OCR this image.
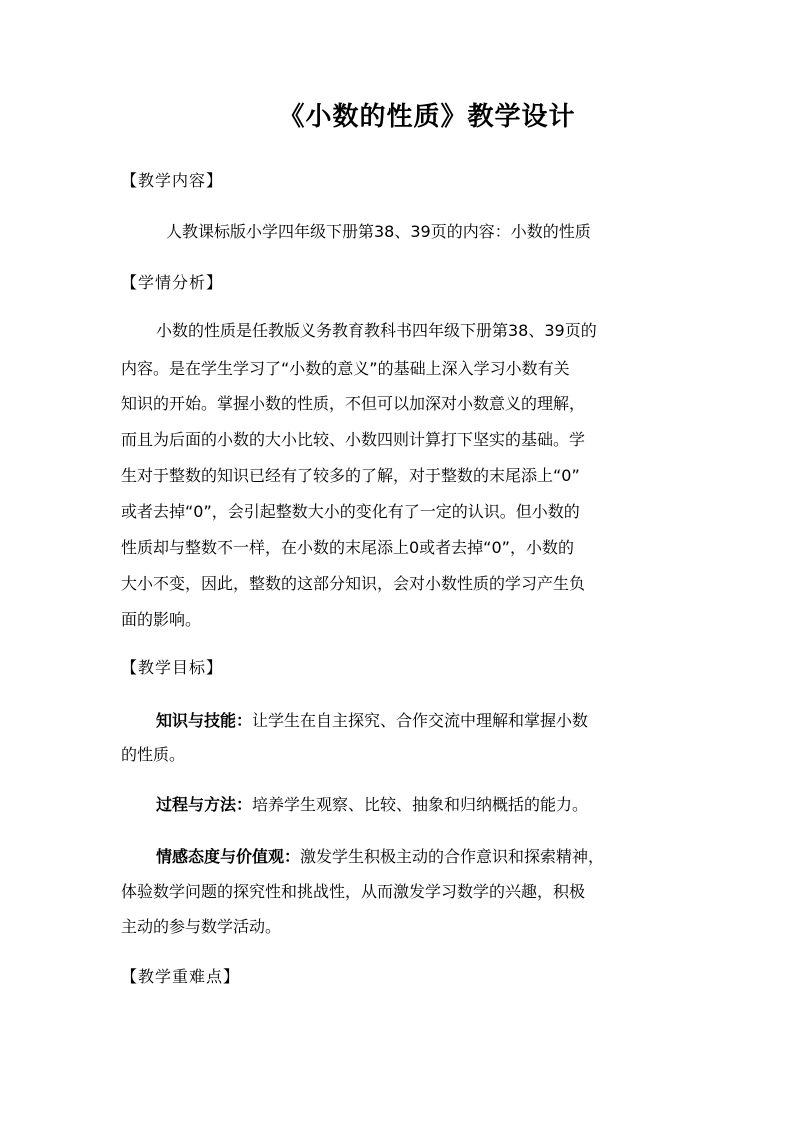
《小数的性质》教学设计
【教学内容】
人教课标版小学四年级下册第38、39页的内容：小数的性质
【学情分析】
小数的性质是任教版义务教育教科书四年级下册第38、39页的
内容。是在学生学习了“小数的意义”的基础上深入学习小数有关
知识的开始。掌握小数的性质，不但可以加深对小数意义的理解，
而且为后面的小数的大小比较、小数四则计算打下坚实的基础。学
生对于整数的知识已经有了较多的了解，对于整数的末尾添上“0”
或者去掉“0”，会引起整数大小的变化有了一定的认识。但小数的
性质却与整数不一样，在小数的末尾添上0或者去掉“0”，小数的
大小不变，因此，整数的这部分知识，会对小数性质的学习产生负
面的影响。
【教学目标】
知识与技能：让学生在自主探究、合作交流中理解和掌握小数
的性质。
过程与方法：培养学生观察、比较、抽象和归纳概括的能力。
情感态度与价值观：激发学生积极主动的合作意识和探索精神，
体验数学问题的探究性和挑战性，从而激发学习数学的兴趣，积极
主动的参与数学活动。
【教学重难点】
